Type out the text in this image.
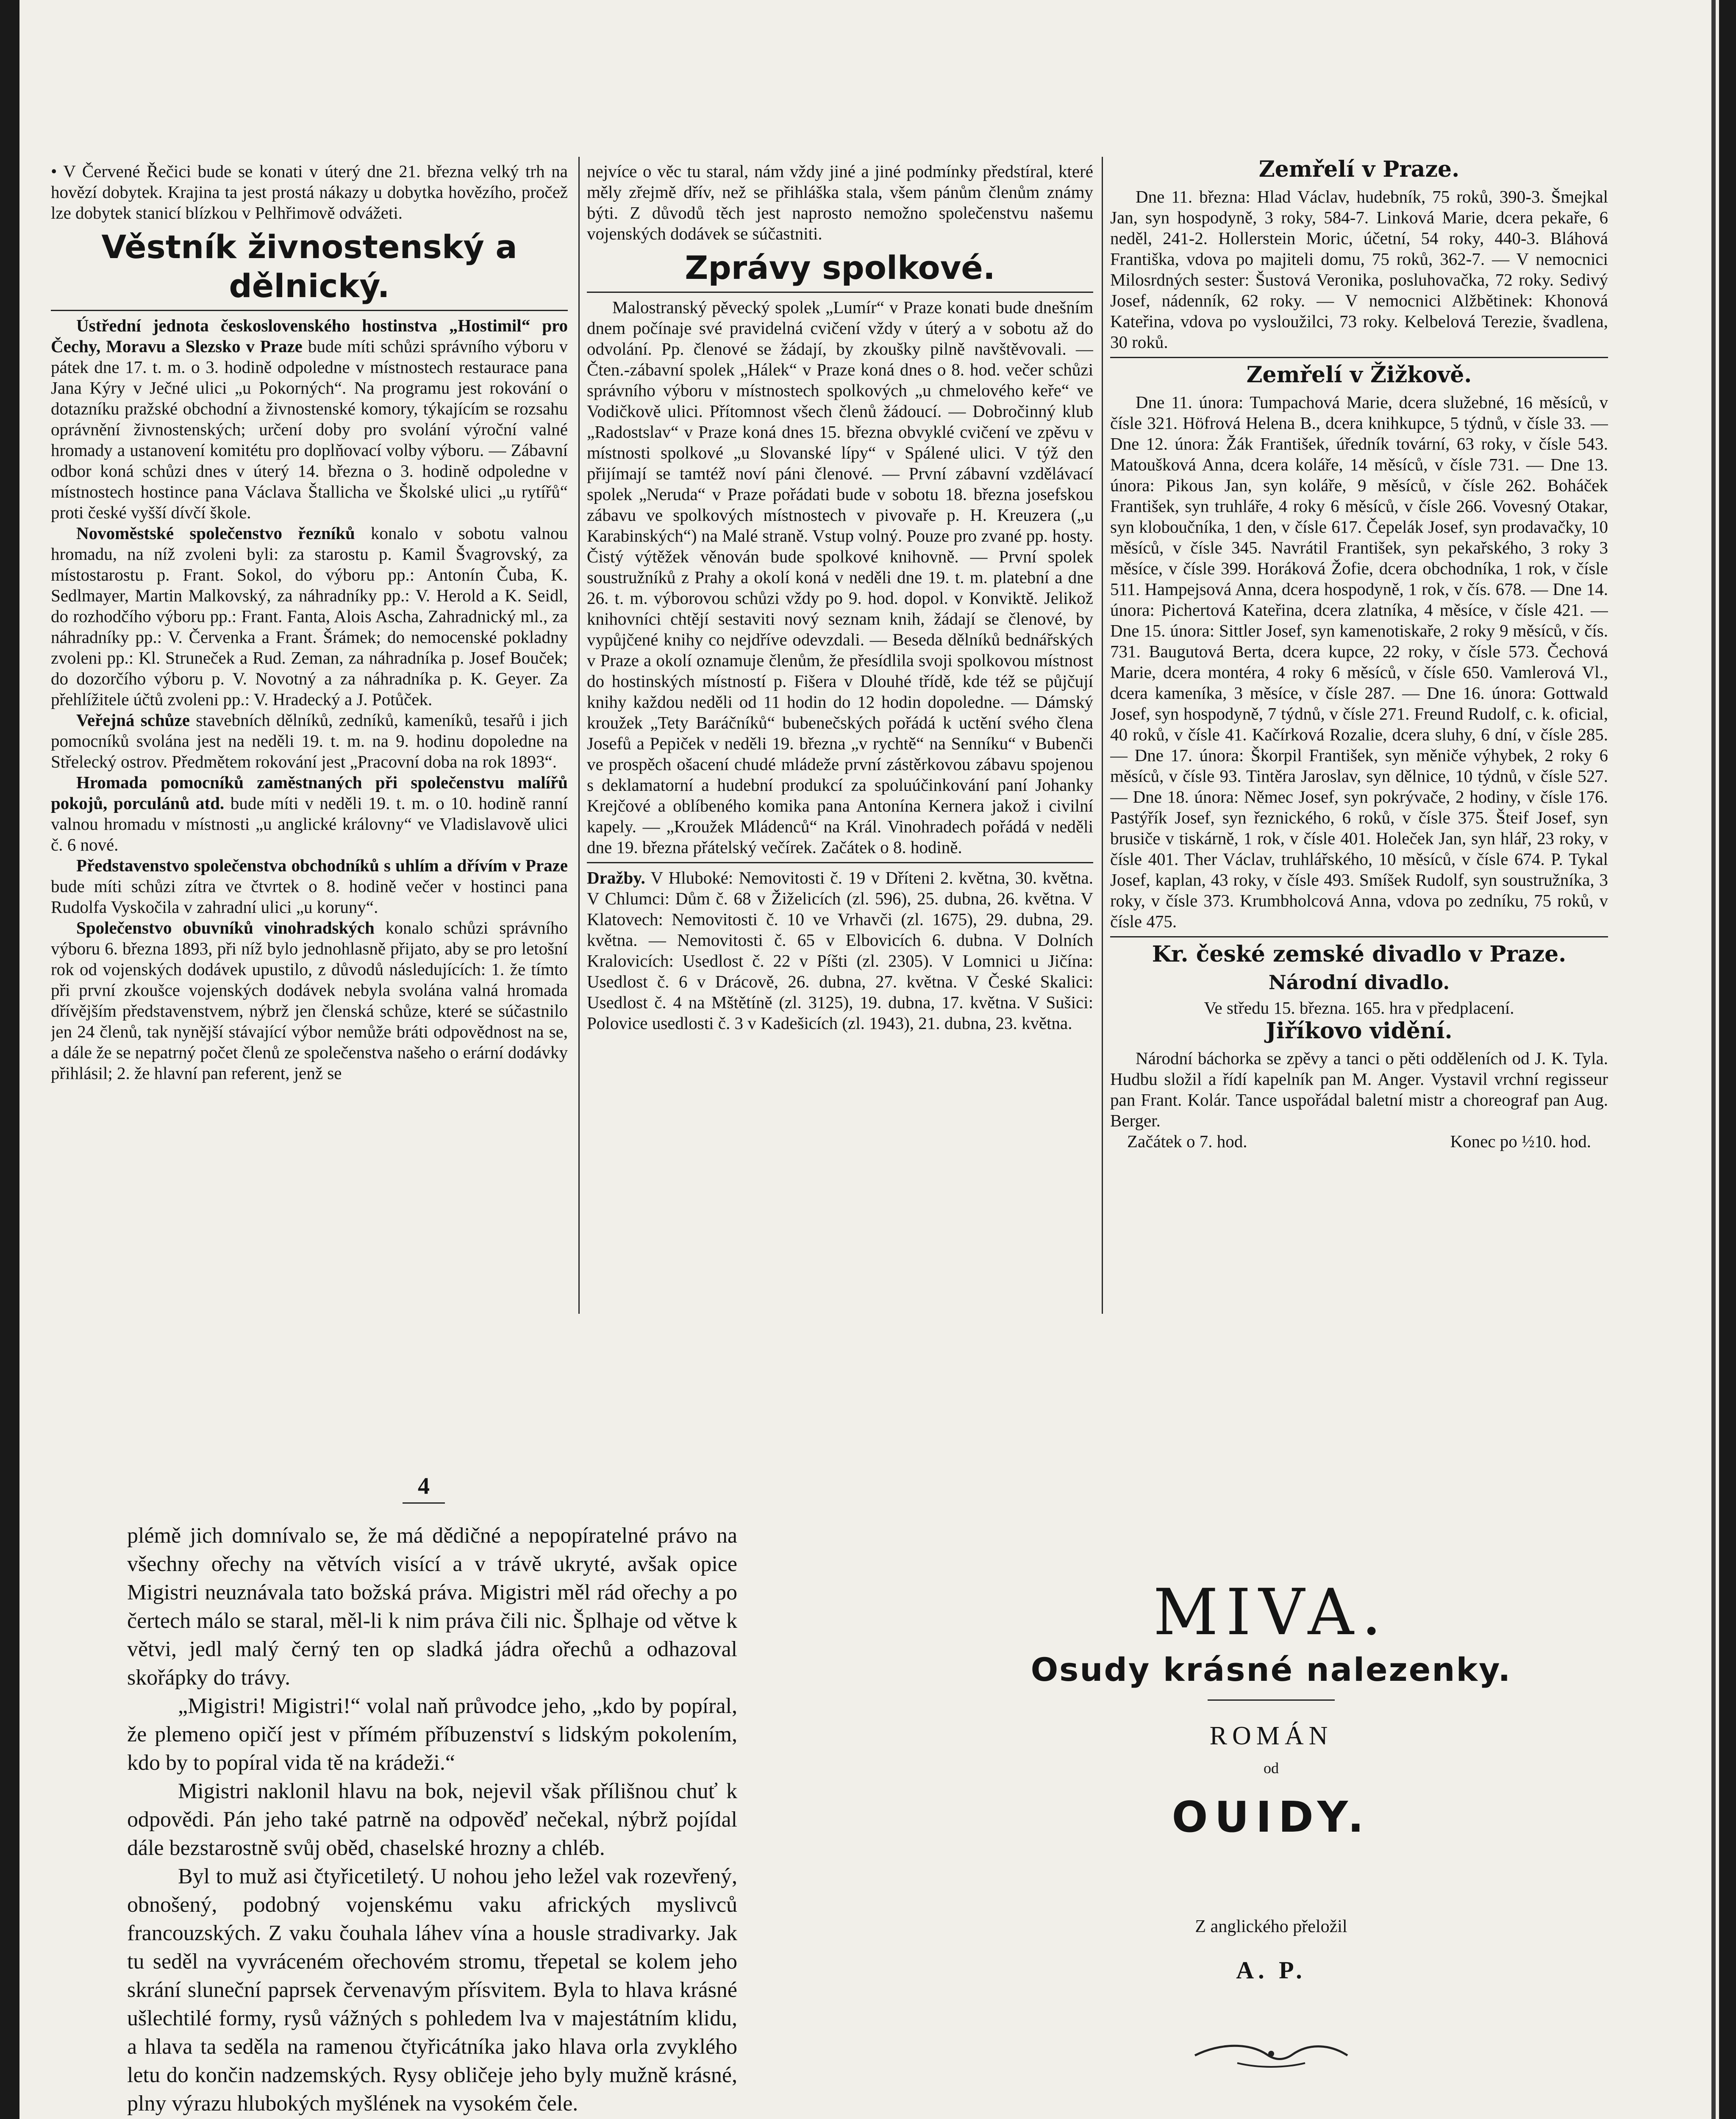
• V Červené Řečici bude se konati v úterý dne 21. března velký trh na hovězí dobytek. Krajina ta jest prostá nákazy u dobytka hovězího, pročež lze dobytek stanicí blízkou v Pelhřimově odvážeti.

Věstník živnostenský a dělnický.

Ústřední jednota československého hostinstva „Hostimil“ pro Čechy, Moravu a Slezsko v Praze bude míti schůzi správního výboru v pátek dne 17. t. m. o 3. hodině odpoledne v místnostech restaurace pana Jana Kýry v Ječné ulici „u Pokorných“. Na programu jest rokování o dotazníku pražské obchodní a živnostenské komory, týkajícím se rozsahu oprávnění živnostenských; určení doby pro svolání výroční valné hromady a ustanovení komitétu pro doplňovací volby výboru. — Zábavní odbor koná schůzi dnes v úterý 14. března o 3. hodině odpoledne v místnostech hostince pana Václava Štallicha ve Školské ulici „u rytířů“ proti české vyšší dívčí škole.

Novoměstské společenstvo řezníků konalo v sobotu valnou hromadu, na níž zvoleni byli: za starostu p. Kamil Švagrovský, za místostarostu p. Frant. Sokol, do výboru pp.: Antonín Čuba, K. Sedlmayer, Martin Malkovský, za náhradníky pp.: V. Herold a K. Seidl, do rozhodčího výboru pp.: Frant. Fanta, Alois Ascha, Zahradnický ml., za náhradníky pp.: V. Červenka a Frant. Šrámek; do nemocenské pokladny zvoleni pp.: Kl. Struneček a Rud. Zeman, za náhradníka p. Josef Bouček; do dozorčího výboru p. V. Novotný a za náhradníka p. K. Geyer. Za přehlížitele účtů zvoleni pp.: V. Hradecký a J. Potůček.

Veřejná schůze stavebních dělníků, zedníků, kameníků, tesařů i jich pomocníků svolána jest na neděli 19. t. m. na 9. hodinu dopoledne na Střelecký ostrov. Předmětem rokování jest „Pracovní doba na rok 1893“.

Hromada pomocníků zaměstnaných při společenstvu malířů pokojů, porculánů atd. bude míti v neděli 19. t. m. o 10. hodině ranní valnou hromadu v místnosti „u anglické královny“ ve Vladislavově ulici č. 6 nové.

Představenstvo společenstva obchodníků s uhlím a dřívím v Praze bude míti schůzi zítra ve čtvrtek o 8. hodině večer v hostinci pana Rudolfa Vyskočila v zahradní ulici „u koruny“.

Společenstvo obuvníků vinohradských konalo schůzi správního výboru 6. března 1893, při níž bylo jednohlasně přijato, aby se pro letošní rok od vojenských dodávek upustilo, z důvodů následujících: 1. že tímto při první zkoušce vojenských dodávek nebyla svolána valná hromada dřívějším představenstvem, nýbrž jen členská schůze, které se súčastnilo jen 24 členů, tak nynější stávající výbor nemůže bráti odpovědnost na se, a dále že se nepatrný počet členů ze společenstva našeho o erární dodávky přihlásil; 2. že hlavní pan referent, jenž se

nejvíce o věc tu staral, nám vždy jiné a jiné podmínky předstíral, které měly zřejmě dřív, než se přihláška stala, všem pánům členům známy býti. Z důvodů těch jest naprosto nemožno společenstvu našemu vojenských dodávek se súčastniti.

Zprávy spolkové.

Malostranský pěvecký spolek „Lumír“ v Praze konati bude dnešním dnem počínaje své pravidelná cvičení vždy v úterý a v sobotu až do odvolání. Pp. členové se žádají, by zkoušky pilně navštěvovali. — Čten.-zábavní spolek „Hálek“ v Praze koná dnes o 8. hod. večer schůzi správního výboru v místnostech spolkových „u chmelového keře“ ve Vodičkově ulici. Přítomnost všech členů žádoucí. — Dobročinný klub „Radostslav“ v Praze koná dnes 15. března obvyklé cvičení ve zpěvu v místnosti spolkové „u Slovanské lípy“ v Spálené ulici. V týž den přijímají se tamtéž noví páni členové. — První zábavní vzdělávací spolek „Neruda“ v Praze pořádati bude v sobotu 18. března josefskou zábavu ve spolkových místnostech v pivovaře p. H. Kreuzera („u Karabinských“) na Malé straně. Vstup volný. Pouze pro zvané pp. hosty. Čistý výtěžek věnován bude spolkové knihovně. — První spolek soustružníků z Prahy a okolí koná v neděli dne 19. t. m. platební a dne 26. t. m. výborovou schůzi vždy po 9. hod. dopol. v Konviktě. Jelikož knihovníci chtějí sestaviti nový seznam knih, žádají se členové, by vypůjčené knihy co nejdříve odevzdali. — Beseda dělníků bednářských v Praze a okolí oznamuje členům, že přesídlila svoji spolkovou místnost do hostinských místností p. Fišera v Dlouhé třídě, kde též se půjčují knihy každou neděli od 11 hodin do 12 hodin dopoledne. — Dámský kroužek „Tety Baráčníků“ bubenečských pořádá k uctění svého člena Josefů a Pepiček v neděli 19. března „v rychtě“ na Senníku“ v Bubenči ve prospěch ošacení chudé mládeže první zástěrkovou zábavu spojenou s deklamatorní a hudební produkcí za spoluúčinkování paní Johanky Krejčové a oblíbeného komika pana Antonína Kernera jakož i civilní kapely. — „Kroužek Mládenců“ na Král. Vinohradech pořádá v neděli dne 19. března přátelský večírek. Začátek o 8. hodině.

Dražby. V Hluboké: Nemovitosti č. 19 v Dříteni 2. května, 30. května. V Chlumci: Dům č. 68 v Žiželicích (zl. 596), 25. dubna, 26. května. V Klatovech: Nemovitosti č. 10 ve Vrhavči (zl. 1675), 29. dubna, 29. května. — Nemovitosti č. 65 v Elbovicích 6. dubna. V Dolních Kralovicích: Usedlost č. 22 v Píšti (zl. 2305). V Lomnici u Jičína: Usedlost č. 6 v Drácově, 26. dubna, 27. května. V České Skalici: Usedlost č. 4 na Mštětíně (zl. 3125), 19. dubna, 17. května. V Sušici: Polovice usedlosti č. 3 v Kadešicích (zl. 1943), 21. dubna, 23. května.

Zemřelí v Praze.

Dne 11. března: Hlad Václav, hudebník, 75 roků, 390-3. Šmejkal Jan, syn hospodyně, 3 roky, 584-7. Linková Marie, dcera pekaře, 6 neděl, 241-2. Hollerstein Moric, účetní, 54 roky, 440-3. Bláhová Františka, vdova po majiteli domu, 75 roků, 362-7. — V nemocnici Milosrdných sester: Šustová Veronika, posluhovačka, 72 roky. Sedivý Josef, nádenník, 62 roky. — V nemocnici Alžbětinek: Khonová Kateřina, vdova po vysloužilci, 73 roky. Kelbelová Terezie, švadlena, 30 roků.

Zemřelí v Žižkově.

Dne 11. února: Tumpachová Marie, dcera služebné, 16 měsíců, v čísle 321. Höfrová Helena B., dcera knihkupce, 5 týdnů, v čísle 33. — Dne 12. února: Žák František, úředník tovární, 63 roky, v čísle 543. Matoušková Anna, dcera koláře, 14 měsíců, v čísle 731. — Dne 13. února: Pikous Jan, syn koláře, 9 měsíců, v čísle 262. Boháček František, syn truhláře, 4 roky 6 měsíců, v čísle 266. Vovesný Otakar, syn kloboučníka, 1 den, v čísle 617. Čepelák Josef, syn prodavačky, 10 měsíců, v čísle 345. Navrátil František, syn pekařského, 3 roky 3 měsíce, v čísle 399. Horáková Žofie, dcera obchodníka, 1 rok, v čísle 511. Hampejsová Anna, dcera hospodyně, 1 rok, v čís. 678. — Dne 14. února: Pichertová Kateřina, dcera zlatníka, 4 měsíce, v čísle 421. — Dne 15. února: Sittler Josef, syn kamenotiskaře, 2 roky 9 měsíců, v čís. 731. Baugutová Berta, dcera kupce, 22 roky, v čísle 573. Čechová Marie, dcera montéra, 4 roky 6 měsíců, v čísle 650. Vamlerová Vl., dcera kameníka, 3 měsíce, v čísle 287. — Dne 16. února: Gottwald Josef, syn hospodyně, 7 týdnů, v čísle 271. Freund Rudolf, c. k. oficial, 40 roků, v čísle 41. Kačírková Rozalie, dcera sluhy, 6 dní, v čísle 285. — Dne 17. února: Škorpil František, syn měniče výhybek, 2 roky 6 měsíců, v čísle 93. Tintěra Jaroslav, syn dělnice, 10 týdnů, v čísle 527. — Dne 18. února: Němec Josef, syn pokrývače, 2 hodiny, v čísle 176. Pastýřík Josef, syn řeznického, 6 roků, v čísle 375. Šteif Josef, syn brusiče v tiskárně, 1 rok, v čísle 401. Holeček Jan, syn hlář, 23 roky, v čísle 401. Ther Václav, truhlářského, 10 měsíců, v čísle 674. P. Tykal Josef, kaplan, 43 roky, v čísle 493. Smíšek Rudolf, syn soustružníka, 3 roky, v čísle 373. Krumbholcová Anna, vdova po zedníku, 75 roků, v čísle 475.

Kr. české zemské divadlo v Praze.
Národní divadlo.

Ve středu 15. března. 165. hra v předplacení.

Jiříkovo vidění.

Národní báchorka se zpěvy a tanci o pěti odděleních od J. K. Tyla. Hudbu složil a řídí kapelník pan M. Anger. Vystavil vrchní regisseur pan Frant. Kolár. Tance uspořádal baletní mistr a choreograf pan Aug. Berger.

Začátek o 7. hod.	Konec po ½10. hod.

4

plémě jich domnívalo se, že má dědičné a nepopíratelné právo na všechny ořechy na větvích visící a v trávě ukryté, avšak opice Migistri neuznávala tato božská práva. Migistri měl rád ořechy a po čertech málo se staral, měl-li k nim práva čili nic. Šplhaje od větve k větvi, jedl malý černý ten op sladká jádra ořechů a odhazoval skořápky do trávy.

„Migistri! Migistri!“ volal naň průvodce jeho, „kdo by popíral, že plemeno opičí jest v přímém příbuzenství s lidským pokolením, kdo by to popíral vida tě na krádeži.“

Migistri naklonil hlavu na bok, nejevil však přílišnou chuť k odpovědi. Pán jeho také patrně na odpověď nečekal, nýbrž pojídal dále bezstarostně svůj oběd, chaselské hrozny a chléb.

Byl to muž asi čtyřicetiletý. U nohou jeho ležel vak rozevřený, obnošený, podobný vojenskému vaku afrických myslivců francouzských. Z vaku čouhala láhev vína a housle stradivarky. Jak tu seděl na vyvráceném ořechovém stromu, třepetal se kolem jeho skrání sluneční paprsek červenavým přísvitem. Byla to hlava krásné ušlechtilé formy, rysů vážných s pohledem lva v majestátním klidu, a hlava ta seděla na ramenou čtyřicátníka jako hlava orla zvyklého letu do končin nadzemských. Rysy obličeje jeho byly mužně krásné, plny výrazu hlubokých myšlének na vysokém čele.

MIVA.
Osudy krásné nalezenky.
ROMÁN
od
OUIDY.
Z anglického přeložil
A. P.
